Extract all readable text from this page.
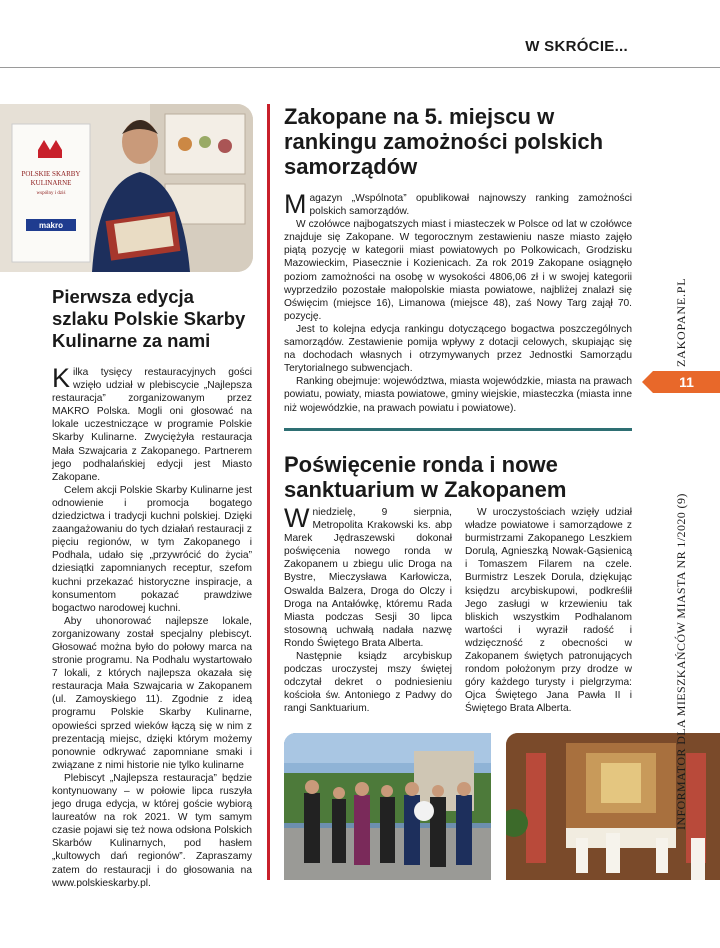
W SKRÓCIE...
POLSKIE SKARBY
KULINARNE
wspólny i dziś
makro
Pierwsza edycja szlaku Polskie Skarby Kulinarne za nami

Kilka tysięcy restauracyjnych gości wzięło udział w plebiscycie „Najlepsza restauracja” zorganizowanym przez MAKRO Polska. Mogli oni głosować na lokale uczestniczące w programie Polskie Skarby Kulinarne. Zwyciężyła restauracja Mała Szwajcaria z Zakopanego. Partnerem jego podhalańskiej edycji jest Miasto Zakopane.

Celem akcji Polskie Skarby Kulinarne jest odnowienie i promocja bogatego dziedzictwa i tradycji kuchni polskiej. Dzięki zaangażowaniu do tych działań restauracji z pięciu regionów, w tym Zakopanego i Podhala, udało się „przywrócić do życia” dziesiątki zapomnianych receptur, szefom kuchni przekazać historyczne inspiracje, a konsumentom pokazać prawdziwe bogactwo narodowej kuchni.

Aby uhonorować najlepsze lokale, zorganizowany został specjalny plebiscyt. Głosować można było do połowy marca na stronie programu. Na Podhalu wystartowało 7 lokali, z których najlepsza okazała się restauracja Mała Szwajcaria w Zakopanem (ul. Zamoyskiego 11). Zgodnie z ideą programu Polskie Skarby Kulinarne, opowieści sprzed wieków łączą się w nim z prezentacją miejsc, dzięki którym możemy ponownie odkrywać zapomniane smaki i związane z nimi historie nie tylko kulinarne

Plebiscyt „Najlepsza restauracja” będzie kontynuowany – w połowie lipca ruszyła jego druga edycja, w której goście wybiorą laureatów na rok 2021. W tym samym czasie pojawi się też nowa odsłona Polskich Skarbów Kulinarnych, pod hasłem „kultowych dań regionów”. Zapraszamy zatem do restauracji i do głosowania na www.polskieskarby.pl.

Zakopane na 5. miejscu w rankingu zamożności polskich samorządów

Magazyn „Wspólnota” opublikował najnowszy ranking zamożności polskich samorządów.

W czołówce najbogatszych miast i miasteczek w Polsce od lat w czołówce znajduje się Zakopane. W tegorocznym zestawieniu nasze miasto zajęło piątą pozycję w kategorii miast powiatowych po Polkowicach, Grodzisku Mazowieckim, Piasecznie i Kozienicach. Za rok 2019 Zakopane osiągnęło poziom zamożności na osobę w wysokości 4806,06 zł i w swojej kategorii wyprzedziło pozostałe małopolskie miasta powiatowe, najbliżej znalazł się Oświęcim (miejsce 16), Limanowa (miejsce 48), zaś Nowy Targ zajął 70. pozycję.

Jest to kolejna edycja rankingu dotyczącego bogactwa poszczególnych samorządów. Zestawienie pomija wpływy z dotacji celowych, skupiając się na dochodach własnych i otrzymywanych przez Jednostki Samorządu Terytorialnego subwencjach.

Ranking obejmuje: województwa, miasta wojewódzkie, miasta na prawach powiatu, powiaty, miasta powiatowe, gminy wiejskie, miasteczka (miasta inne niż wojewódzkie, na prawach powiatu i powiatowe).

Poświęcenie ronda i nowe sanktuarium w Zakopanem

Wniedzielę, 9 sierpnia, Metropolita Krakowski ks. abp Marek Jędraszewski dokonał poświęcenia nowego ronda w Zakopanem u zbiegu ulic Droga na Bystre, Mieczysława Karłowicza, Oswalda Balzera, Droga do Olczy i Droga na Antałówkę, któremu Rada Miasta podczas Sesji 30 lipca stosowną uchwałą nadała nazwę Rondo Świętego Brata Alberta.

Następnie ksiądz arcybiskup podczas uroczystej mszy świętej odczytał dekret o podniesieniu kościoła św. Antoniego z Padwy do rangi Sanktuarium.

W uroczystościach wzięły udział władze powiatowe i samorządowe z burmistrzami Zakopanego Leszkiem Dorulą, Agnieszką Nowak-Gąsienicą i Tomaszem Filarem na czele. Burmistrz Leszek Dorula, dziękując księdzu arcybiskupowi, podkreślił Jego zasługi w krzewieniu tak bliskich wszystkim Podhalanom wartości i wyraził radość i wdzięczność z obecności w Zakopanem świętych patronujących rondom położonym przy drodze w góry każdego turysty i pielgrzyma: Ojca Świętego Jana Pawła II i Świętego Brata Alberta.

ZAKOPANE.PL
11
INFORMATOR DLA MIESZKAŃCÓW MIASTA NR 1/2020 (9)
